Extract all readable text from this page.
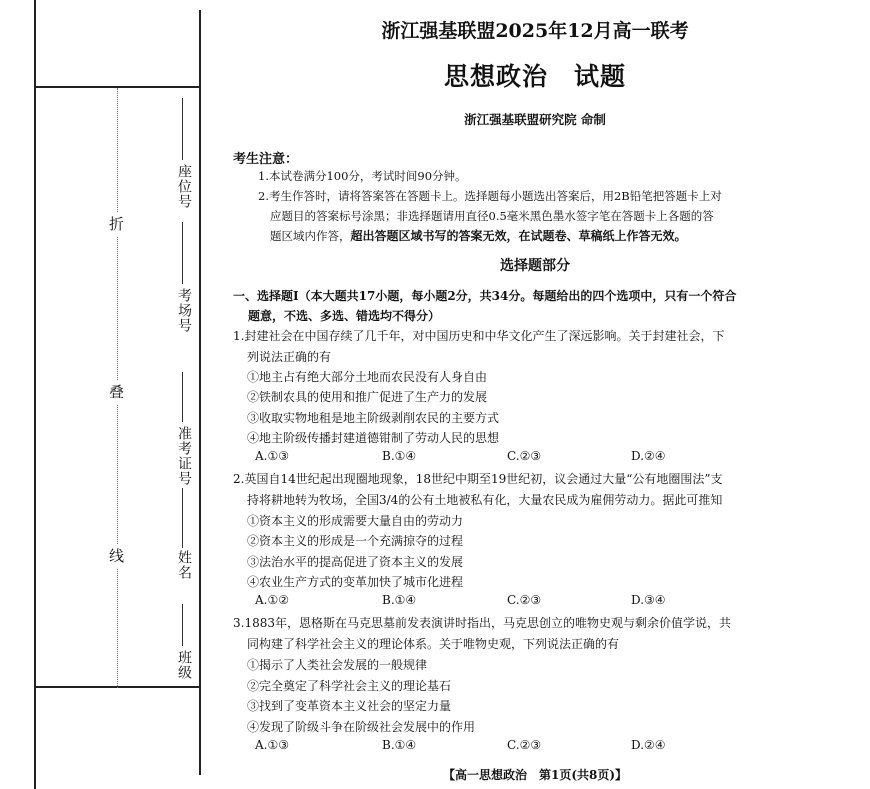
折
叠
线
座位号
考场号
准考证号
姓名
班级
浙江强基联盟2025年12月高一联考
思想政治 试题
浙江强基联盟研究院 命制
考生注意：
1.本试卷满分100分，考试时间90分钟。
2.考生作答时，请将答案答在答题卡上。选择题每小题选出答案后，用2B铅笔把答题卡上对
应题目的答案标号涂黑；非选择题请用直径0.5毫米黑色墨水签字笔在答题卡上各题的答
题区域内作答，超出答题区域书写的答案无效，在试题卷、草稿纸上作答无效。
选择题部分
一、选择题Ⅰ（本大题共17小题，每小题2分，共34分。每题给出的四个选项中，只有一个符合
题意，不选、多选、错选均不得分）
1.封建社会在中国存续了几千年，对中国历史和中华文化产生了深远影响。关于封建社会，下
列说法正确的有
①地主占有绝大部分土地而农民没有人身自由
②铁制农具的使用和推广促进了生产力的发展
③收取实物地租是地主阶级剥削农民的主要方式
④地主阶级传播封建道德钳制了劳动人民的思想
A.①③	B.①④	C.②③	D.②④
2.英国自14世纪起出现圈地现象，18世纪中期至19世纪初，议会通过大量“公有地圈围法”支
持将耕地转为牧场，全国3/4的公有土地被私有化，大量农民成为雇佣劳动力。据此可推知
①资本主义的形成需要大量自由的劳动力
②资本主义的形成是一个充满掠夺的过程
③法治水平的提高促进了资本主义的发展
④农业生产方式的变革加快了城市化进程
A.①②	B.①④	C.②③	D.③④
3.1883年，恩格斯在马克思墓前发表演讲时指出，马克思创立的唯物史观与剩余价值学说，共
同构建了科学社会主义的理论体系。关于唯物史观，下列说法正确的有
①揭示了人类社会发展的一般规律
②完全奠定了科学社会主义的理论基石
③找到了变革资本主义社会的坚定力量
④发现了阶级斗争在阶级社会发展中的作用
A.①③	B.①④	C.②③	D.②④
【高一思想政治　第1页(共8页)】
